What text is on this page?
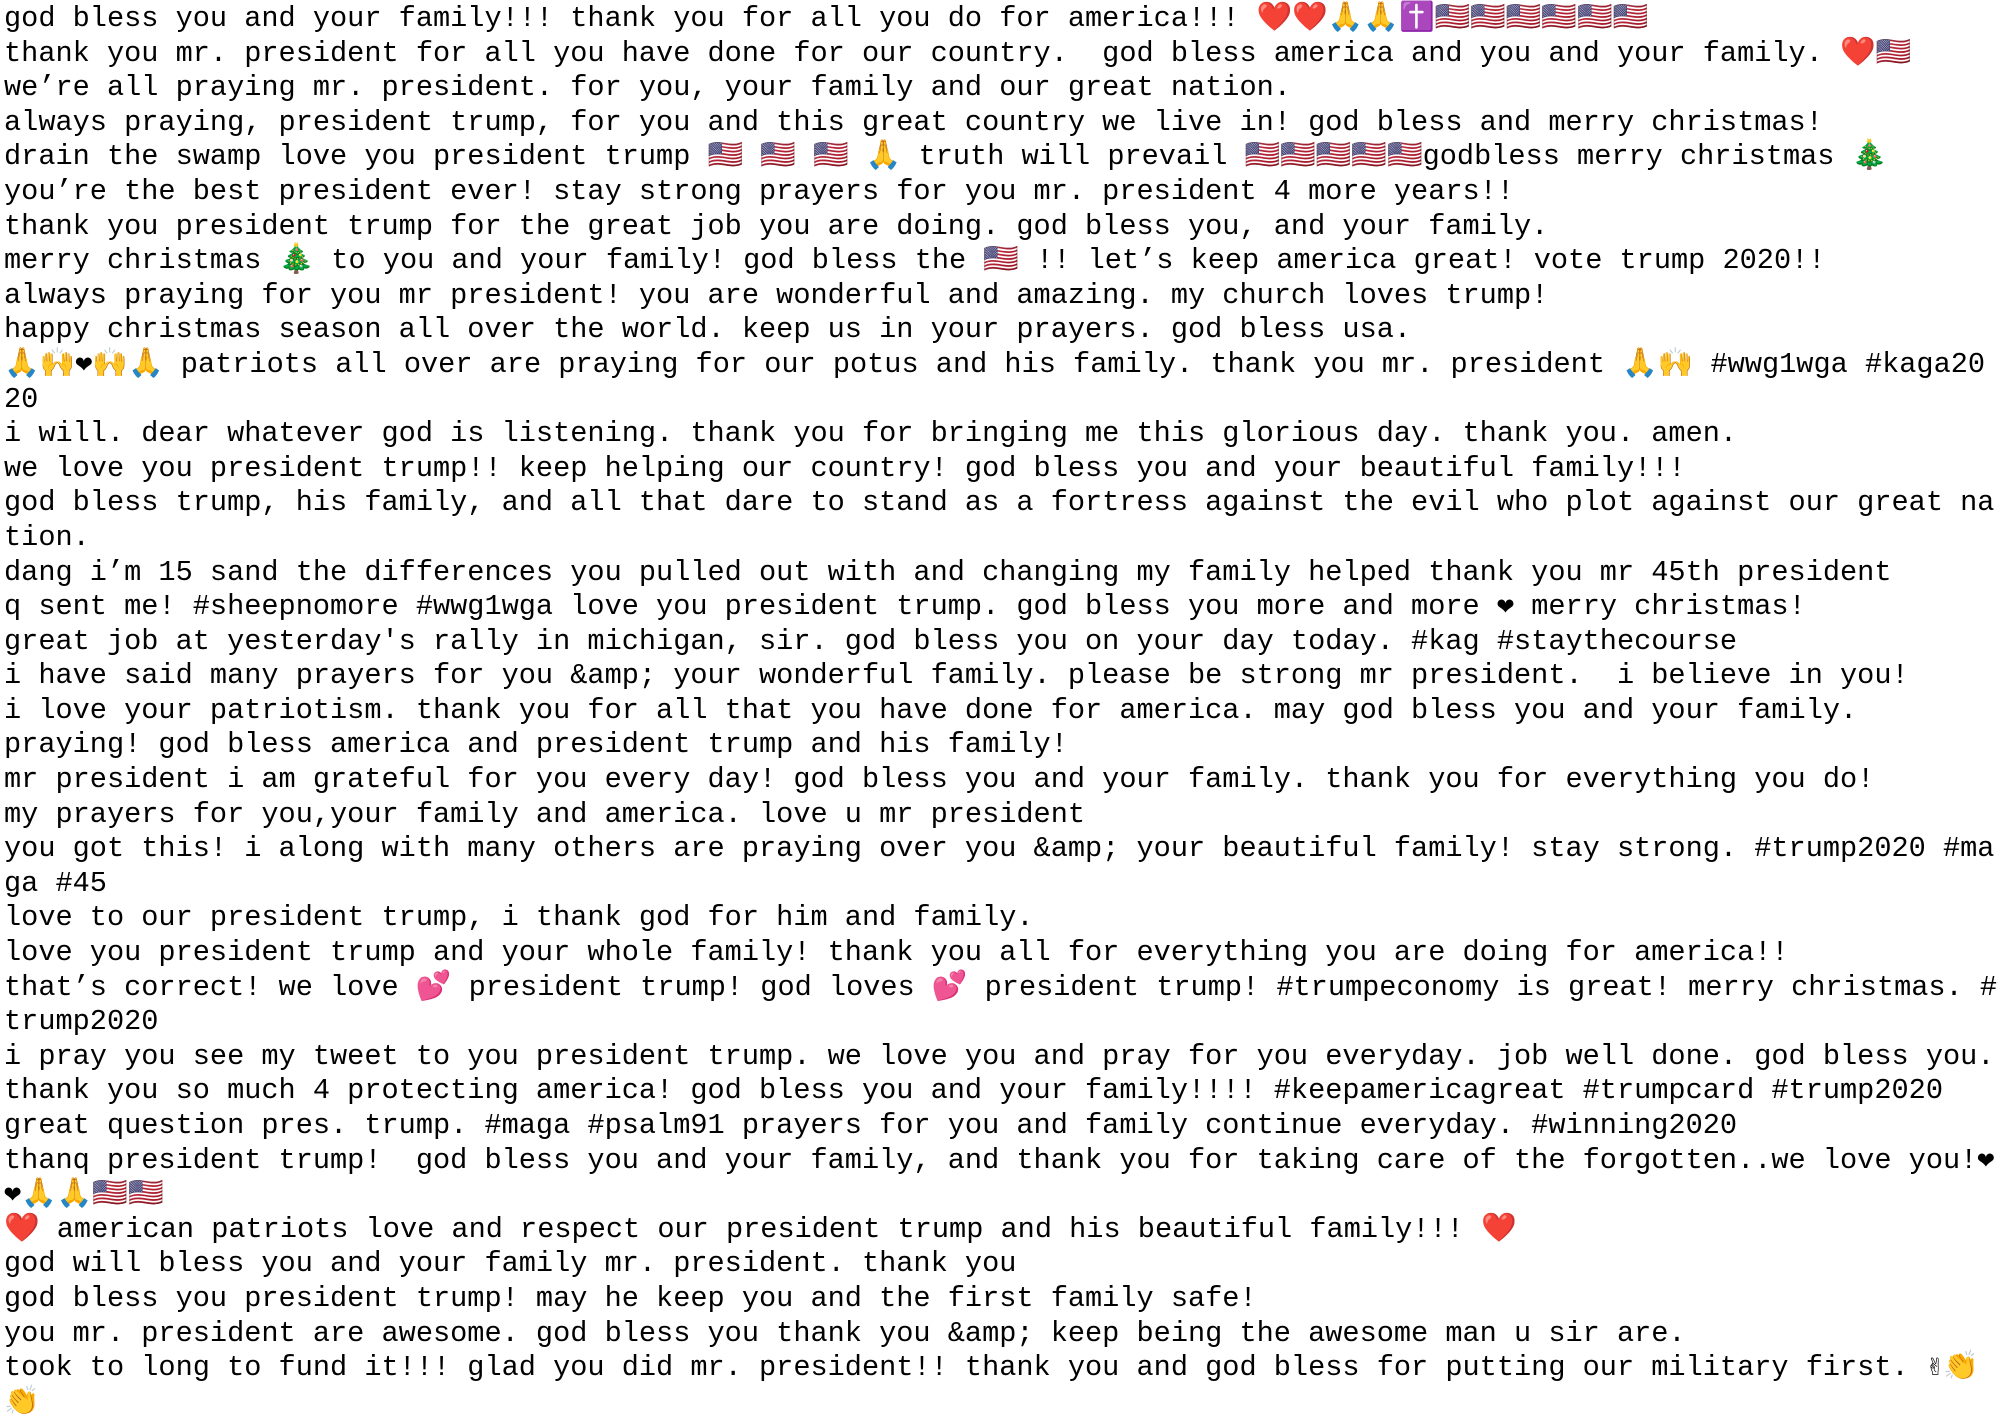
god bless you and your family!!! thank you for all you do for america!!! ❤️❤️🙏🙏✝️🇺🇸🇺🇸🇺🇸🇺🇸🇺🇸🇺🇸
thank you mr. president for all you have done for our country.  god bless america and you and your family. ❤️🇺🇸
we’re all praying mr. president. for you, your family and our great nation.
always praying, president trump, for you and this great country we live in! god bless and merry christmas!
drain the swamp love you president trump 🇺🇸 🇺🇸 🇺🇸 🙏 truth will prevail 🇺🇸🇺🇸🇺🇸🇺🇸🇺🇸godbless merry christmas 🎄
you’re the best president ever! stay strong prayers for you mr. president 4 more years!!
thank you president trump for the great job you are doing. god bless you, and your family.
merry christmas 🎄 to you and your family! god bless the 🇺🇸 !! let’s keep america great! vote trump 2020!!
always praying for you mr president! you are wonderful and amazing. my church loves trump!
happy christmas season all over the world. keep us in your prayers. god bless usa.
🙏🙌❤🙌🙏 patriots all over are praying for our potus and his family. thank you mr. president 🙏🙌 #wwg1wga #kaga2020
i will. dear whatever god is listening. thank you for bringing me this glorious day. thank you. amen.
we love you president trump!! keep helping our country! god bless you and your beautiful family!!!
god bless trump, his family, and all that dare to stand as a fortress against the evil who plot against our great nation.
dang i’m 15 sand the differences you pulled out with and changing my family helped thank you mr 45th president
q sent me! #sheepnomore #wwg1wga love you president trump. god bless you more and more ❤ merry christmas!
great job at yesterday's rally in michigan, sir. god bless you on your day today. #kag #staythecourse
i have said many prayers for you &amp; your wonderful family. please be strong mr president.  i believe in you!
i love your patriotism. thank you for all that you have done for america. may god bless you and your family.
praying! god bless america and president trump and his family!
mr president i am grateful for you every day! god bless you and your family. thank you for everything you do!
my prayers for you,your family and america. love u mr president
you got this! i along with many others are praying over you &amp; your beautiful family! stay strong. #trump2020 #maga #45
love to our president trump, i thank god for him and family.
love you president trump and your whole family! thank you all for everything you are doing for america!!
that’s correct! we love 💕 president trump! god loves 💕 president trump! #trumpeconomy is great! merry christmas. #trump2020
i pray you see my tweet to you president trump. we love you and pray for you everyday. job well done. god bless you.
thank you so much 4 protecting america! god bless you and your family!!!! #keepamericagreat #trumpcard #trump2020
great question pres. trump. #maga #psalm91 prayers for you and family continue everyday. #winning2020
thanq president trump!  god bless you and your family, and thank you for taking care of the forgotten..we love you!❤❤🙏🙏🇺🇸🇺🇸
❤️ american patriots love and respect our president trump and his beautiful family!!! ❤️
god will bless you and your family mr. president. thank you
god bless you president trump! may he keep you and the first family safe!
you mr. president are awesome. god bless you thank you &amp; keep being the awesome man u sir are.
took to long to fund it!!! glad you did mr. president!! thank you and god bless for putting our military first. ✌👏👏
